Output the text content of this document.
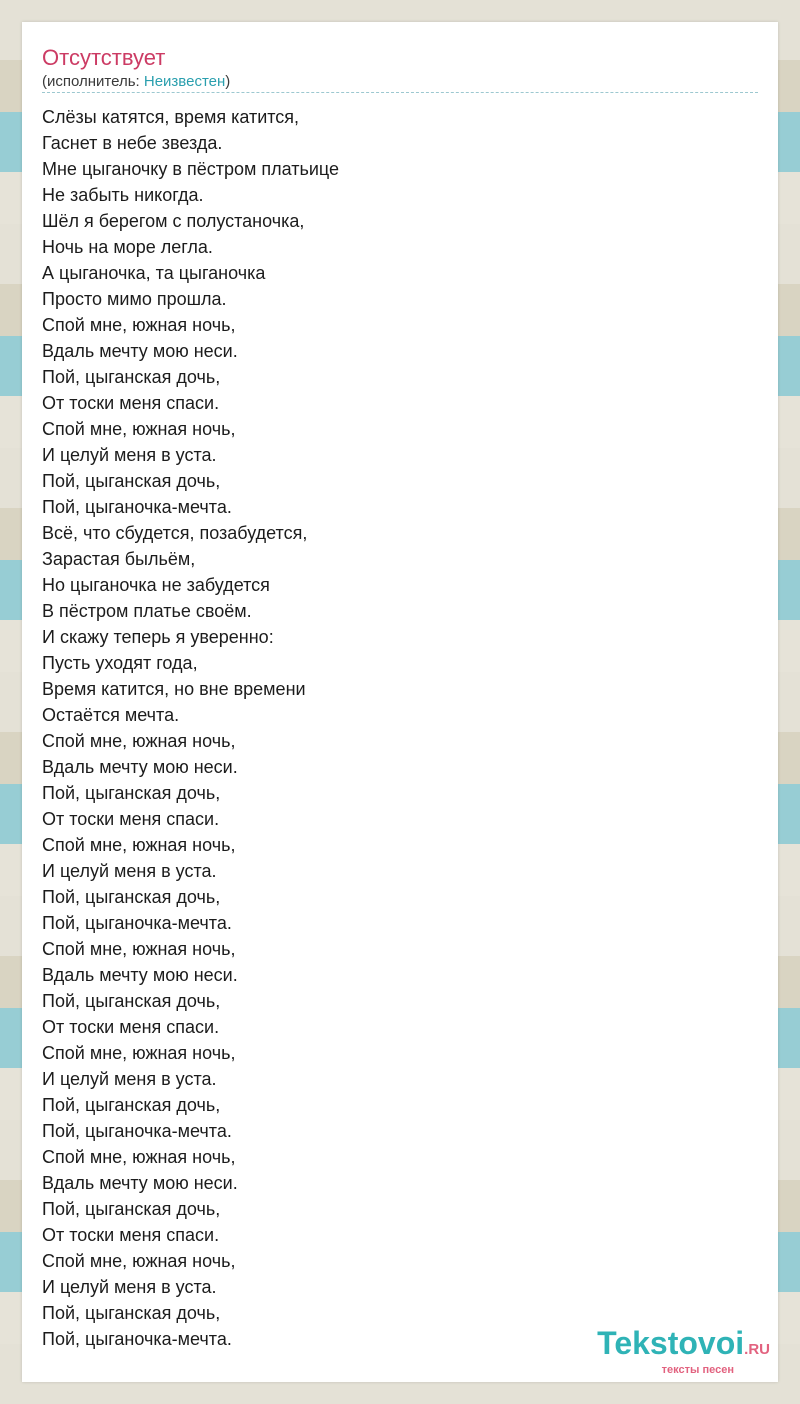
Отсутствует
(исполнитель: Неизвестен)
Слёзы катятся, время катится,
Гаснет в небе звезда.
Мне цыганочку в пёстром платьице
Не забыть никогда.
Шёл я берегом с полустаночка,
Ночь на море легла.
А цыганочка, та цыганочка
Просто мимо прошла.
Спой мне, южная ночь,
Вдаль мечту мою неси.
Пой, цыганская дочь,
От тоски меня спаси.
Спой мне, южная ночь,
И целуй меня в уста.
Пой, цыганская дочь,
Пой, цыганочка-мечта.
Всё, что сбудется, позабудется,
Зарастая быльём,
Но цыганочка не забудется
В пёстром платье своём.
И скажу теперь я уверенно:
Пусть уходят года,
Время катится, но вне времени
Остаётся мечта.
Спой мне, южная ночь,
Вдаль мечту мою неси.
Пой, цыганская дочь,
От тоски меня спаси.
Спой мне, южная ночь,
И целуй меня в уста.
Пой, цыганская дочь,
Пой, цыганочка-мечта.
Спой мне, южная ночь,
Вдаль мечту мою неси.
Пой, цыганская дочь,
От тоски меня спаси.
Спой мне, южная ночь,
И целуй меня в уста.
Пой, цыганская дочь,
Пой, цыганочка-мечта.
Спой мне, южная ночь,
Вдаль мечту мою неси.
Пой, цыганская дочь,
От тоски меня спаси.
Спой мне, южная ночь,
И целуй меня в уста.
Пой, цыганская дочь,
Пой, цыганочка-мечта.	Tekstovoi.RU
тексты песен
